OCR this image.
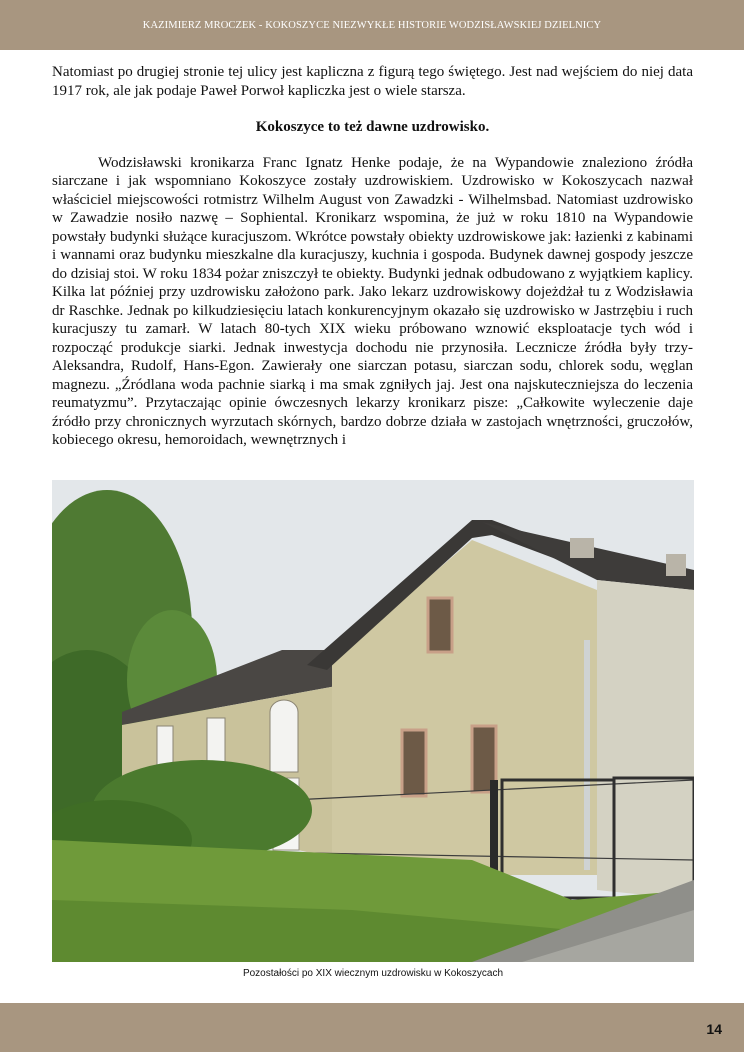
KAZIMIERZ MROCZEK - KOKOSZYCE NIEZWYKŁE HISTORIE WODZISŁAWSKIEJ DZIELNICY

Natomiast po drugiej stronie tej ulicy jest kapliczna z figurą tego świętego. Jest nad wejściem do niej data 1917 rok, ale jak podaje Paweł Porwoł kapliczka jest o wiele starsza.

Kokoszyce to też dawne uzdrowisko.

Wodzisławski kronikarza Franc Ignatz Henke podaje, że na Wypandowie znaleziono źródła siarczane i jak wspomniano Kokoszyce zostały uzdrowiskiem. Uzdrowisko w Kokoszycach nazwał właściciel miejscowości rotmistrz Wilhelm August von Zawadzki - Wilhelmsbad. Natomiast uzdrowisko w Zawadzie nosiło nazwę – Sophiental. Kronikarz wspomina, że już w roku 1810 na Wypandowie powstały budynki służące kuracjuszom. Wkrótce powstały obiekty uzdrowiskowe jak: łazienki z kabinami i wannami oraz budynku mieszkalne dla kuracjuszy, kuchnia i gospoda. Budynek dawnej gospody jeszcze do dzisiaj stoi. W roku 1834 pożar zniszczył te obiekty. Budynki jednak odbudowano z wyjątkiem kaplicy. Kilka lat później przy uzdrowisku założono park. Jako lekarz uzdrowiskowy dojeżdżał tu z Wodzisławia dr Raschke. Jednak po kilkudziesięciu latach konkurencyjnym okazało się uzdrowisko w Jastrzębiu i ruch kuracjuszy tu zamarł. W latach 80-tych XIX wieku próbowano wznowić eksploatacje tych wód i rozpocząć produkcje siarki. Jednak inwestycja dochodu nie przynosiła. Lecznicze źródła były trzy- Aleksandra, Rudolf, Hans-Egon. Zawierały one siarczan potasu, siarczan sodu, chlorek sodu, węglan magnezu. „Źródlana woda pachnie siarką i ma smak zgniłych jaj. Jest ona najskuteczniejsza do leczenia reumatyzmu”. Przytaczając opinie ówczesnych lekarzy kronikarz pisze: „Całkowite wyleczenie daje źródło przy chronicznych wyrzutach skórnych, bardzo dobrze działa w zastojach wnętrzności, gruczołów, kobiecego okresu, hemoroidach, wewnętrznych i

Pozostałości po XIX wiecznym uzdrowisku w Kokoszycach
14
